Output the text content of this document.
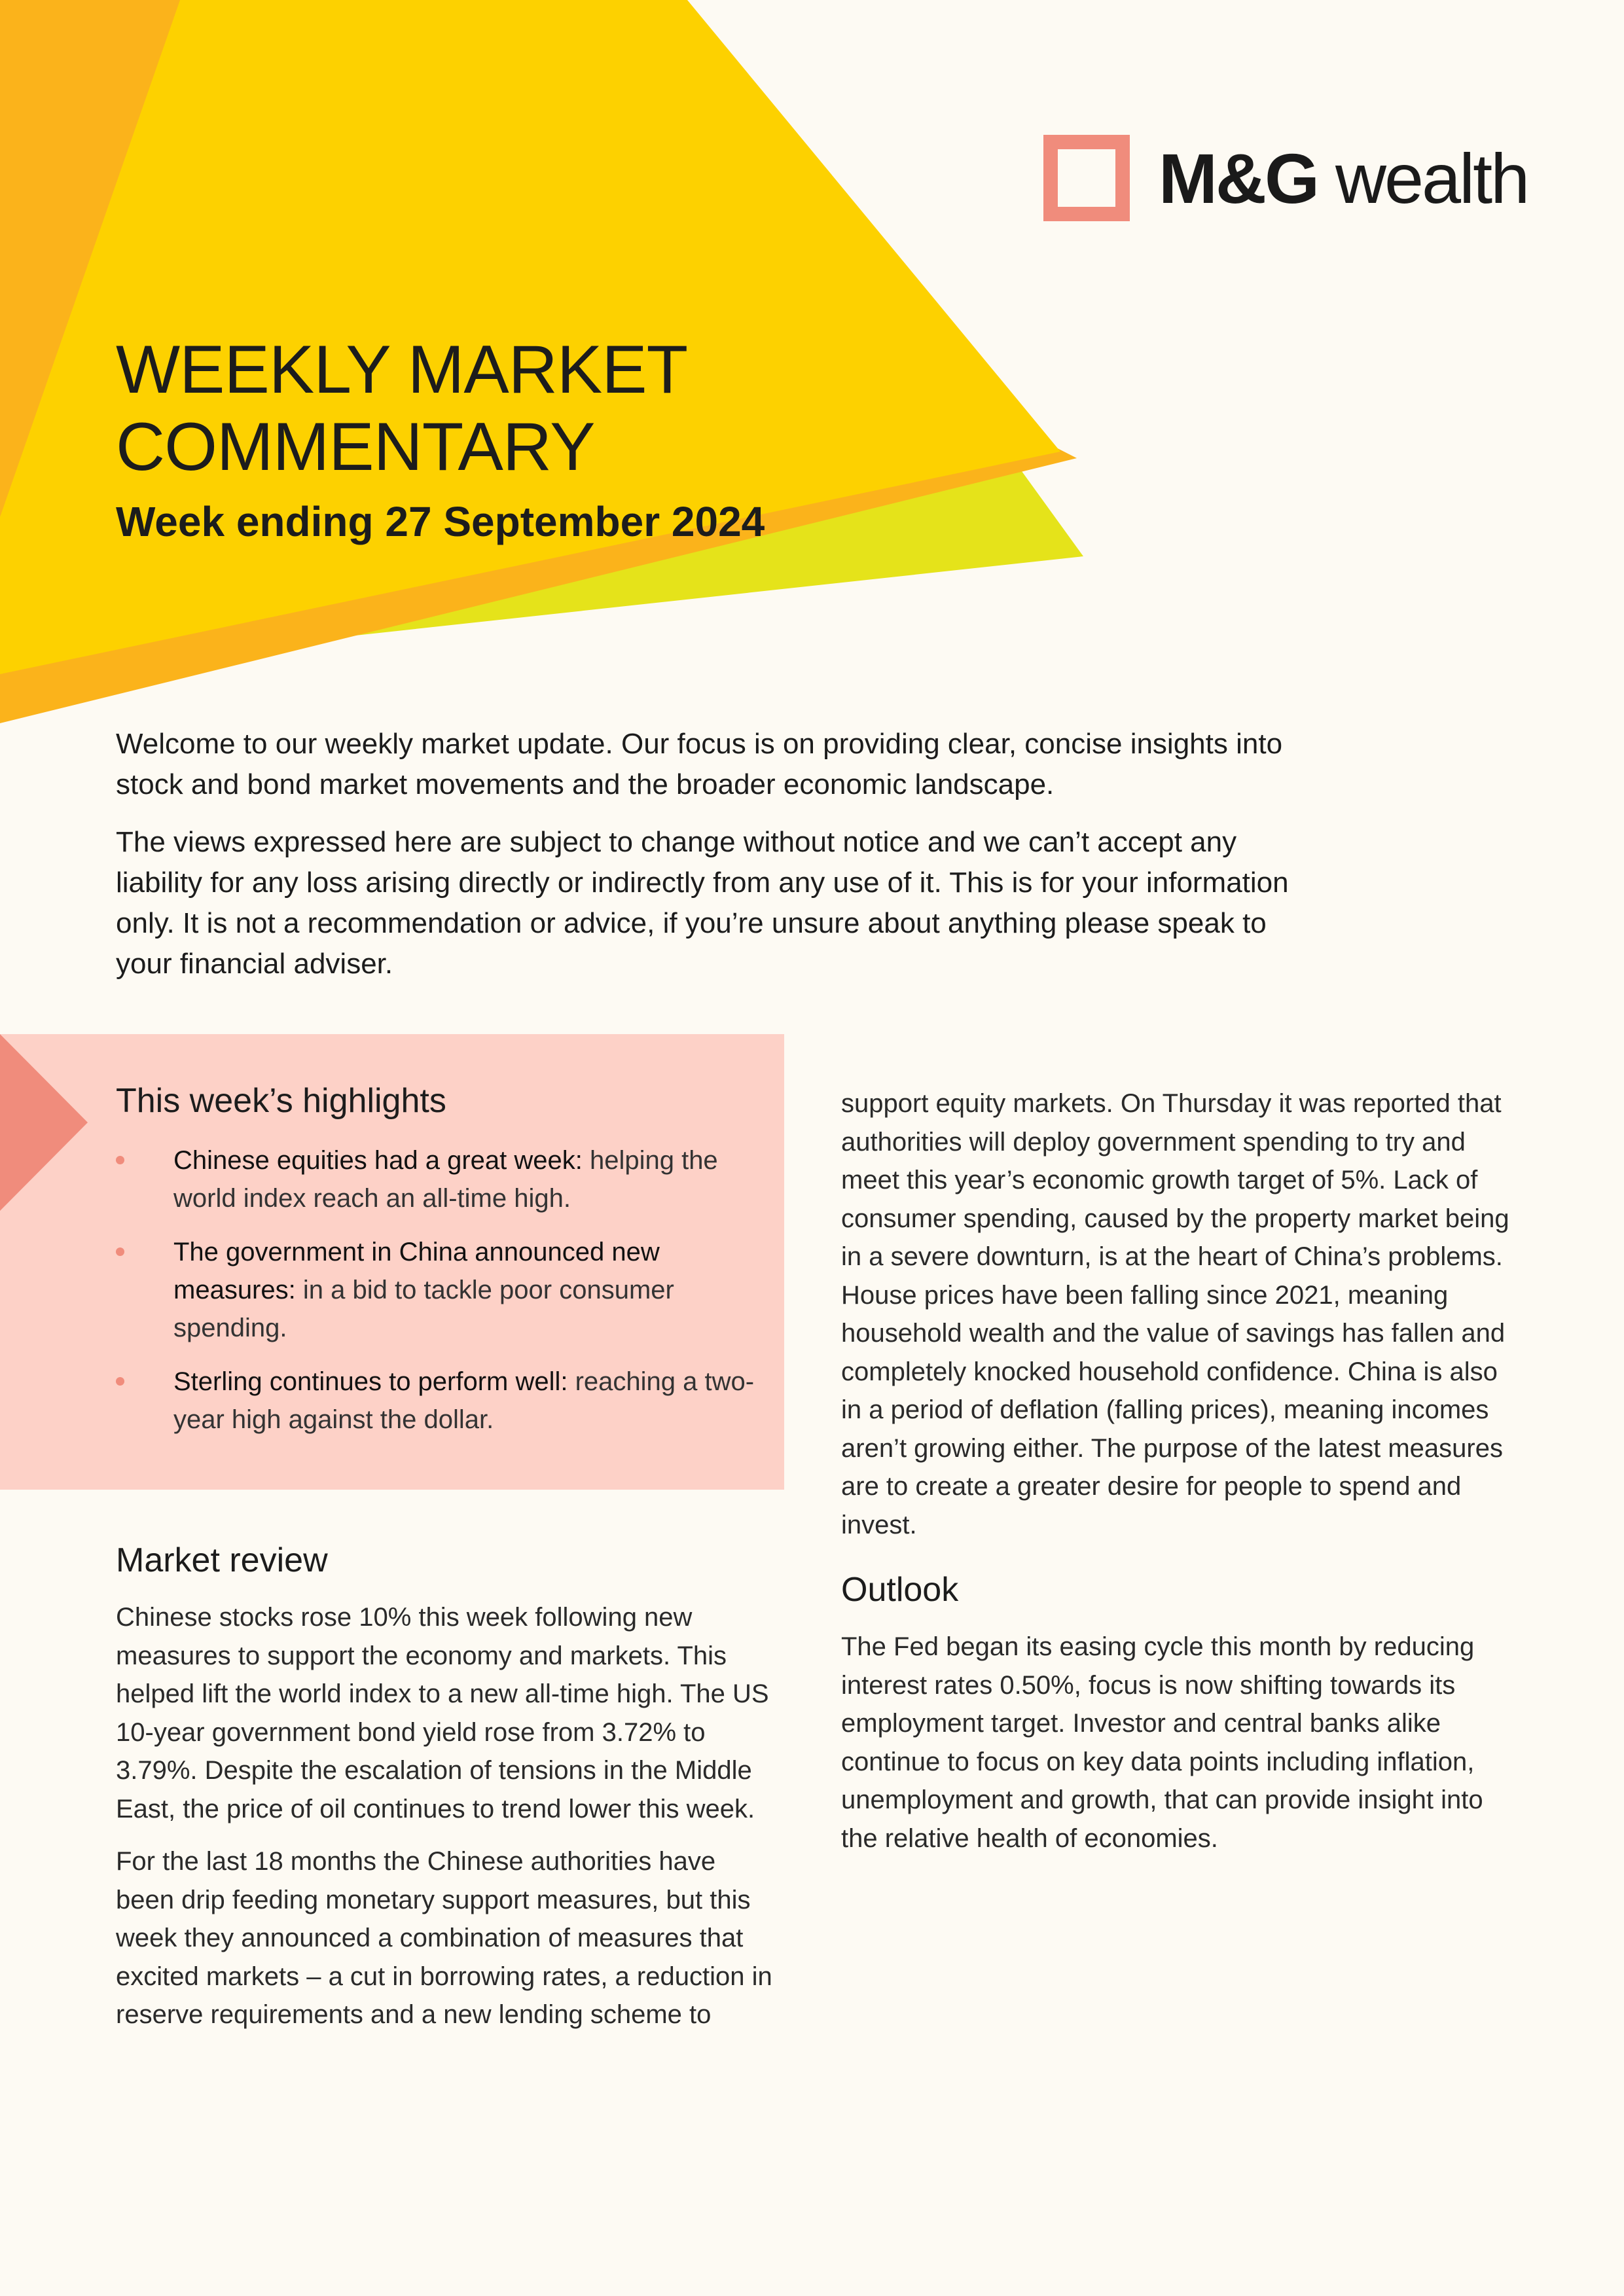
M&G wealth
WEEKLY MARKET
COMMENTARY
Week ending 27 September 2024

Welcome to our weekly market update. Our focus is on providing clear, concise insights into stock and bond market movements and the broader economic landscape.

The views expressed here are subject to change without notice and we can’t accept any liability for any loss arising directly or indirectly from any use of it. This is for your information only. It is not a recommendation or advice, if you’re unsure about anything please speak to your financial adviser.

This week’s highlights
Chinese equities had a great week: helping the world index reach an all-time high.
The government in China announced new measures: in a bid to tackle poor consumer spending.
Sterling continues to perform well: reaching a two-year high against the dollar.
Market review

Chinese stocks rose 10% this week following new measures to support the economy and markets. This helped lift the world index to a new all-time high. The US 10-year government bond yield rose from 3.72% to 3.79%. Despite the escalation of tensions in the Middle East, the price of oil continues to trend lower this week.

For the last 18 months the Chinese authorities have been drip feeding monetary support measures, but this week they announced a combination of measures that excited markets – a cut in borrowing rates, a reduction in reserve requirements and a new lending scheme to

support equity markets. On Thursday it was reported that authorities will deploy government spending to try and meet this year’s economic growth target of 5%. Lack of consumer spending, caused by the property market being in a severe downturn, is at the heart of China’s problems. House prices have been falling since 2021, meaning household wealth and the value of savings has fallen and completely knocked household confidence. China is also in a period of deflation (falling prices), meaning incomes aren’t growing either. The purpose of the latest measures are to create a greater desire for people to spend and invest.

Outlook

The Fed began its easing cycle this month by reducing interest rates 0.50%, focus is now shifting towards its employment target. Investor and central banks alike continue to focus on key data points including inflation, unemployment and growth, that can provide insight into the relative health of economies.
